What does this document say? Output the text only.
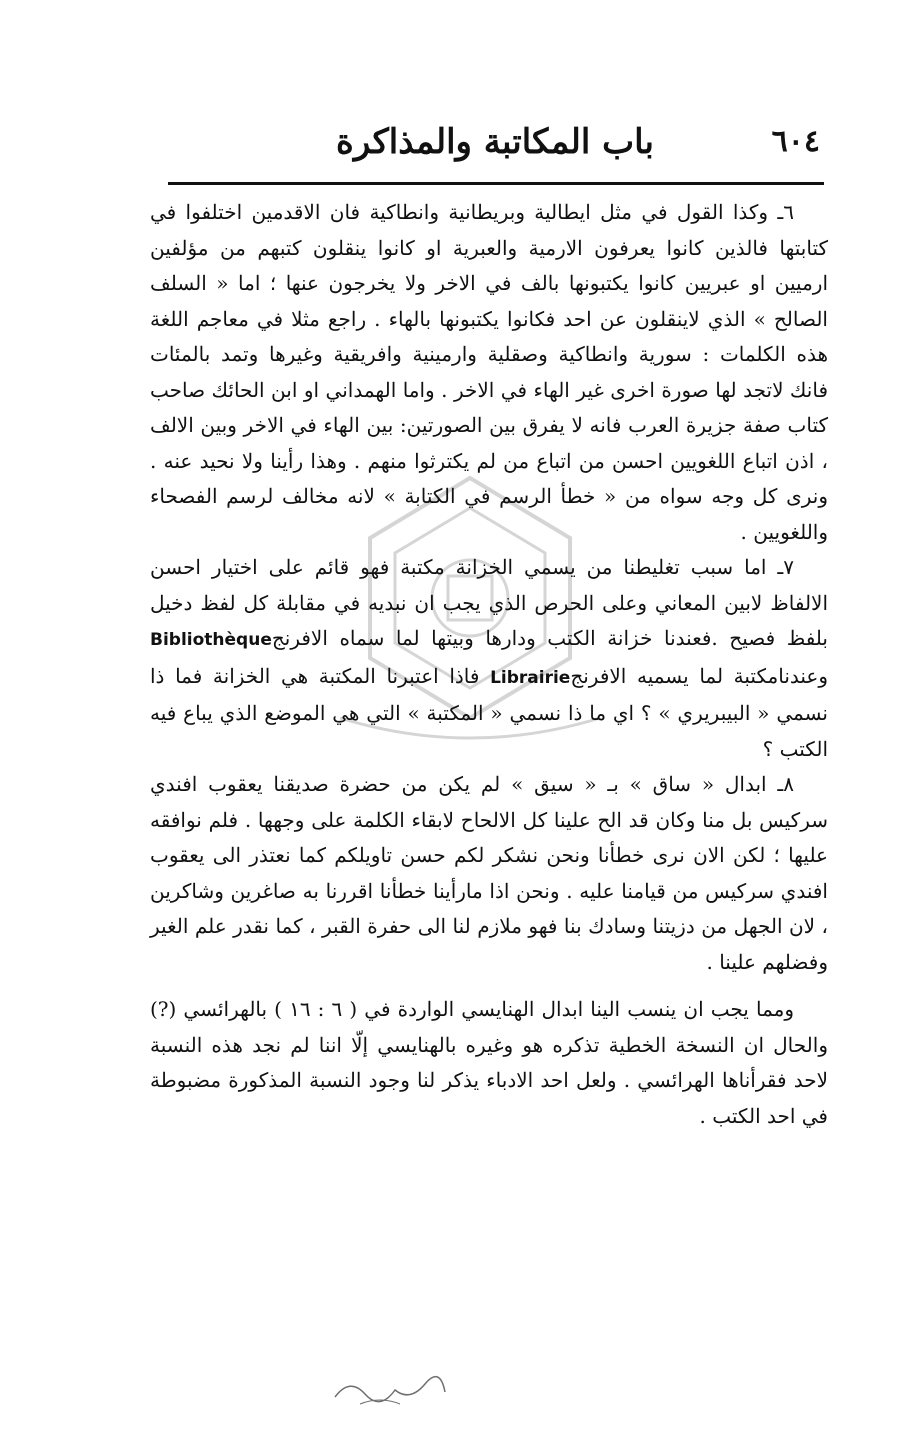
٦٠٤
باب المكاتبة والمذاكرة

٦ـ وكذا القول في مثل ايطالية وبريطانية وانطاكية فان الاقدمين اختلفوا في كتابتها فالذين كانوا يعرفون الارمية والعبرية او كانوا ينقلون كتبهم من مؤلفين ارميين او عبريين كانوا يكتبونها بالف في الاخر ولا يخرجون عنها ؛ اما « السلف الصالح » الذي لاينقلون عن احد فكانوا يكتبونها بالهاء . راجع مثلا في معاجم اللغة هذه الكلمات : سورية وانطاكية وصقلية وارمينية وافريقية وغيرها وتمد بالمئات فانك لاتجد لها صورة اخرى غير الهاء في الاخر . واما الهمداني او ابن الحائك صاحب كتاب صفة جزيرة العرب فانه لا يفرق بين الصورتين: بين الهاء في الاخر وبين الالف ، اذن اتباع اللغويين احسن من اتباع من لم يكترثوا منهم . وهذا رأينا ولا نحيد عنه . ونرى كل وجه سواه من « خطأ الرسم في الكتابة » لانه مخالف لرسم الفصحاء واللغويين .

٧ـ اما سبب تغليطنا من يسمي الخزانة مكتبة فهو قائم على اختيار احسن الالفاظ لابين المعاني وعلى الحرص الذي يجب ان نبديه في مقابلة كل لفظ دخيل بلفظ فصيح .فعندنا خزانة الكتب ودارها وبيتها لما سماه الافرنجBibliothèque وعندنامكتبة لما يسميه الافرنجLibrairie فاذا اعتبرنا المكتبة هي الخزانة فما ذا نسمي « البيبريري » ؟ اي ما ذا نسمي « المكتبة » التي هي الموضع الذي يباع فيه الكتب ؟

٨ـ ابدال « ساق » بـ « سيق » لم يكن من حضرة صديقنا يعقوب افندي سركيس بل منا وكان قد الح علينا كل الالحاح لابقاء الكلمة على وجهها . فلم نوافقه عليها ؛ لكن الان نرى خطأنا ونحن نشكر لكم حسن تاويلكم كما نعتذر الى يعقوب افندي سركيس من قيامنا عليه . ونحن اذا مارأينا خطأنا اقررنا به صاغرين وشاكرين ، لان الجهل من دزيتنا وسادك بنا فهو ملازم لنا الى حفرة القبر ، كما نقدر علم الغير وفضلهم علينا .

ومما يجب ان ينسب الينا ابدال الهنايسي الواردة في ( ٦ : ١٦ ) بالهرائسي (?) والحال ان النسخة الخطية تذكره هو وغيره بالهنايسي إلّا اننا لم نجد هذه النسبة لاحد فقرأناها الهرائسي . ولعل احد الادباء يذكر لنا وجود النسبة المذكورة مضبوطة في احد الكتب .
